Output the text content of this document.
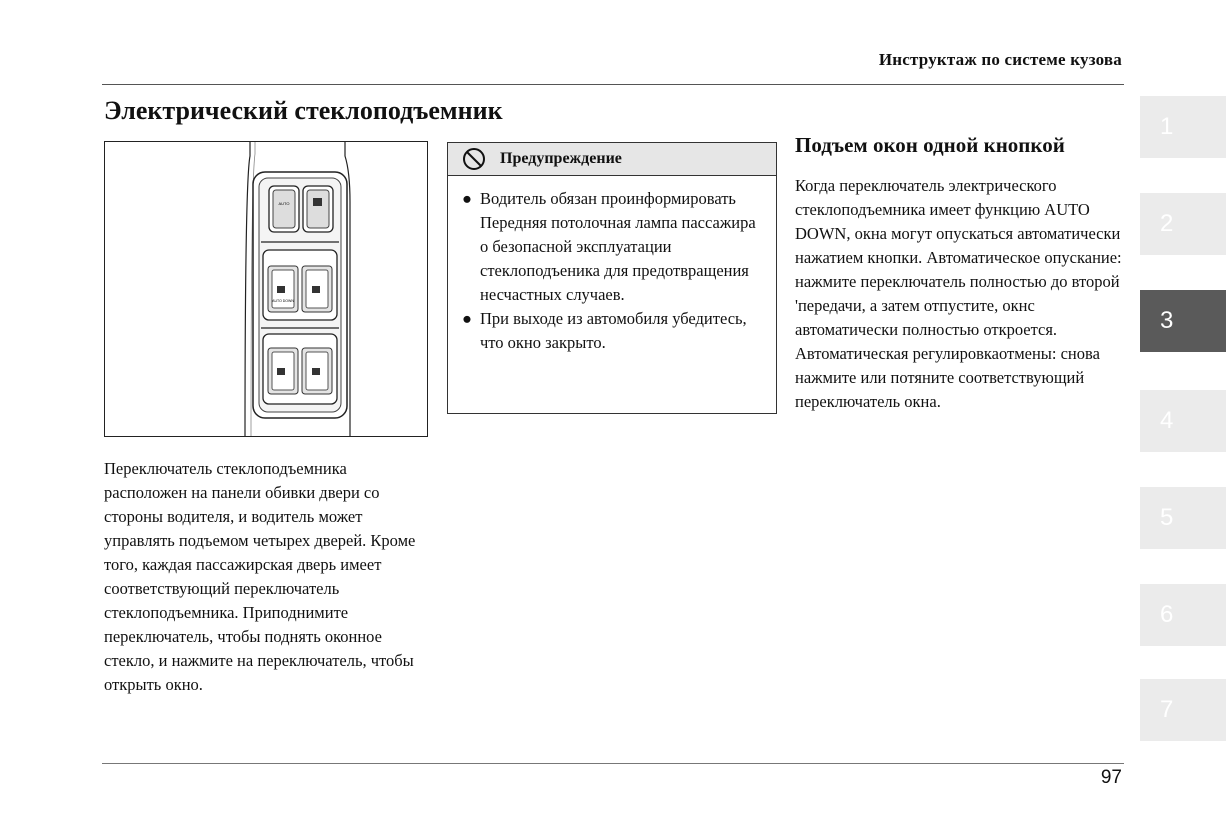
Инструктаж по системе кузова
Электрический стеклоподъемник
AUTO
AUTO DOWN

Переключатель стеклоподъемника расположен на панели обивки двери со стороны водителя, и водитель может управлять подъемом четырех дверей. Кроме того, каждая пассажирская дверь имеет соответствующий переключатель стеклоподъемника. Приподнимите переключатель, чтобы поднять оконное стекло, и нажмите на переключатель, чтобы открыть окно.

Предупреждение
● Водитель обязан проинформировать Передняя потолочная лампа пассажира о безопасной эксплуатации стеклоподъеника для предотвращения несчастных случаев.
● При выходе из автомобиля убедитесь, что окно закрыто.
Подъем окон одной кнопкой

Когда переключатель электрического стеклоподъемника имеет функцию AUTO DOWN, окна могут опускаться автоматически нажатием кнопки. Автоматическое опускание: нажмите переключатель полностью до второй 'передачи, а затем отпустите, окнс автоматически полностью откроется. Автоматическая регулировкаотмены: снова нажмите или потяните соответствующий переключатель окна.

1
2
3
4
5
6
7
97
